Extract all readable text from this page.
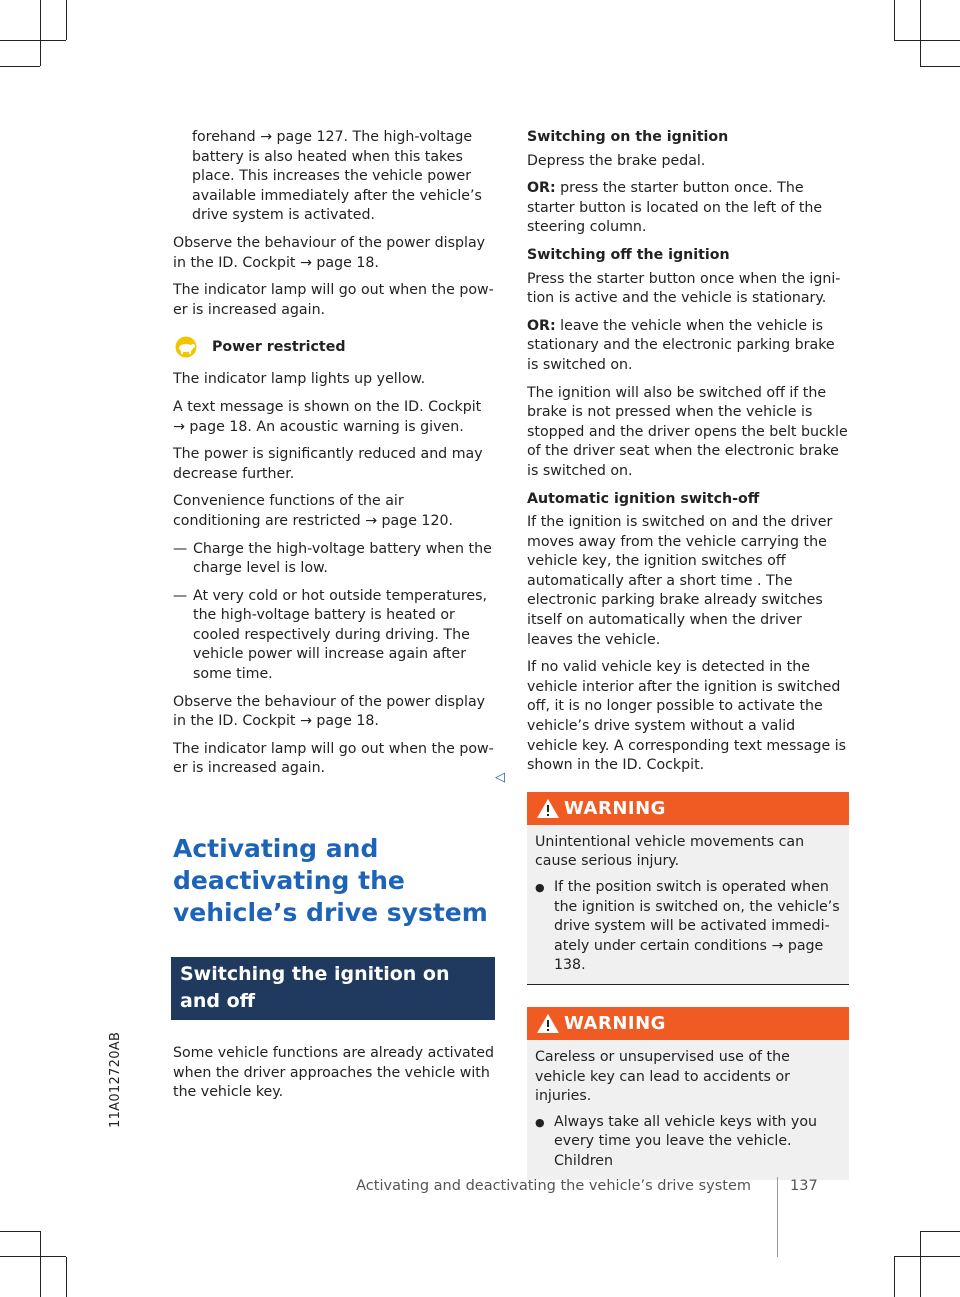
11A012720AB

forehand → page 127. The high-voltage battery is also heated when this takes place. This increases the vehicle power available immediately after the vehicle’s drive system is activated.

Observe the behaviour of the power display in the ID. Cockpit → page 18.

The indicator lamp will go out when the power is increased again.

Power restricted

The indicator lamp lights up yellow.

A text message is shown on the ID. Cockpit → page 18. An acoustic warning is given.

The power is significantly reduced and may decrease further.

Convenience functions of the air conditioning are restricted → page 120.

— Charge the high-voltage battery when the charge level is low.
— At very cold or hot outside temperatures, the high-voltage battery is heated or cooled respectively during driving. The vehicle power will increase again after some time.

Observe the behaviour of the power display in the ID. Cockpit → page 18.

The indicator lamp will go out when the power is increased again.

Activating and deactivating the vehicle’s drive system
Switching the ignition on and off

Some vehicle functions are already activated when the driver approaches the vehicle with the vehicle key.

◁

Switching on the ignition

Depress the brake pedal.

OR: press the starter button once. The starter button is located on the left of the steering column.

Switching off the ignition

Press the starter button once when the ignition is active and the vehicle is stationary.

OR: leave the vehicle when the vehicle is stationary and the electronic parking brake is switched on.

The ignition will also be switched off if the brake is not pressed when the vehicle is stopped and the driver opens the belt buckle of the driver seat when the electronic brake is switched on.

Automatic ignition switch-off

If the ignition is switched on and the driver moves away from the vehicle carrying the vehicle key, the ignition switches off automatically after a short time . The electronic parking brake already switches itself on automatically when the driver leaves the vehicle.

If no valid vehicle key is detected in the vehicle interior after the ignition is switched off, it is no longer possible to activate the vehicle’s drive system without a valid vehicle key. A corresponding text message is shown in the ID. Cockpit.

WARNING
Unintentional vehicle movements can cause serious injury.
● If the position switch is operated when the ignition is switched on, the vehicle’s drive system will be activated immediately under certain conditions → page 138.
WARNING
Careless or unsupervised use of the vehicle key can lead to accidents or injuries.
● Always take all vehicle keys with you every time you leave the vehicle. Children
Activating and deactivating the vehicle’s drive system	137
